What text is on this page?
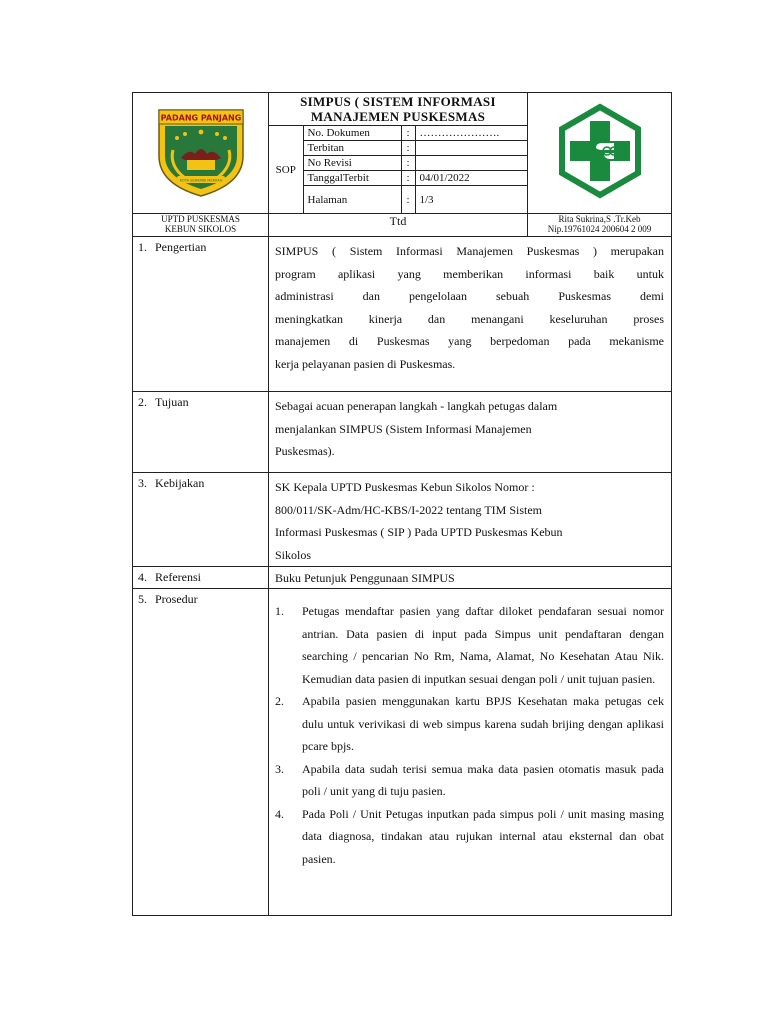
PADANG PANJANG
KOTA SERAMBI MEKKAH

SIMPUS ( SISTEM INFORMASI
MANAJEMEN PUSKESMAS

SOP	No. Dokumen	:	………………….
Terbitan	:	
No Revisi	:	
TanggalTerbit	:	04/01/2022
Halaman	:	1/3

UPTD PUSKESMAS
KEBUN SIKOLOS
	Ttd	Rita Sukrina,S .Tr.Keb
Nip.19761024 200604 2 009

1. Pengertian	SIMPUS ( Sistem Informasi Manajemen Puskesmas ) merupakan
program aplikasi yang memberikan informasi baik untuk
administrasi dan pengelolaan sebuah Puskesmas demi
meningkatkan kinerja dan menangani keseluruhan proses
manajemen di Puskesmas yang berpedoman pada mekanisme
kerja pelayanan pasien di Puskesmas.

2. Tujuan	Sebagai acuan penerapan langkah - langkah petugas dalam
menjalankan SIMPUS (Sistem Informasi Manajemen
Puskesmas).

3. Kebijakan	SK Kepala UPTD Puskesmas Kebun Sikolos Nomor :
800/011/SK-Adm/HC-KBS/I-2022 tentang TIM Sistem
Informasi Puskesmas ( SIP ) Pada UPTD Puskesmas Kebun
Sikolos

4. Referensi	Buku Petunjuk Penggunaan SIMPUS

5. Prosedur	
1. Petugas mendaftar pasien yang daftar diloket pendafaran sesuai nomor antrian. Data pasien di input pada Simpus unit pendaftaran dengan searching / pencarian No Rm, Nama, Alamat, No Kesehatan Atau Nik. Kemudian data pasien di inputkan sesuai dengan poli / unit tujuan pasien.
2. Apabila pasien menggunakan kartu BPJS Kesehatan maka petugas cek dulu untuk verivikasi di web simpus karena sudah brijing dengan aplikasi pcare bpjs.
3. Apabila data sudah terisi semua maka data pasien otomatis masuk pada poli / unit yang di tuju pasien.
4. Pada Poli / Unit Petugas inputkan pada simpus poli / unit masing masing data diagnosa, tindakan atau rujukan internal atau eksternal dan obat pasien.
